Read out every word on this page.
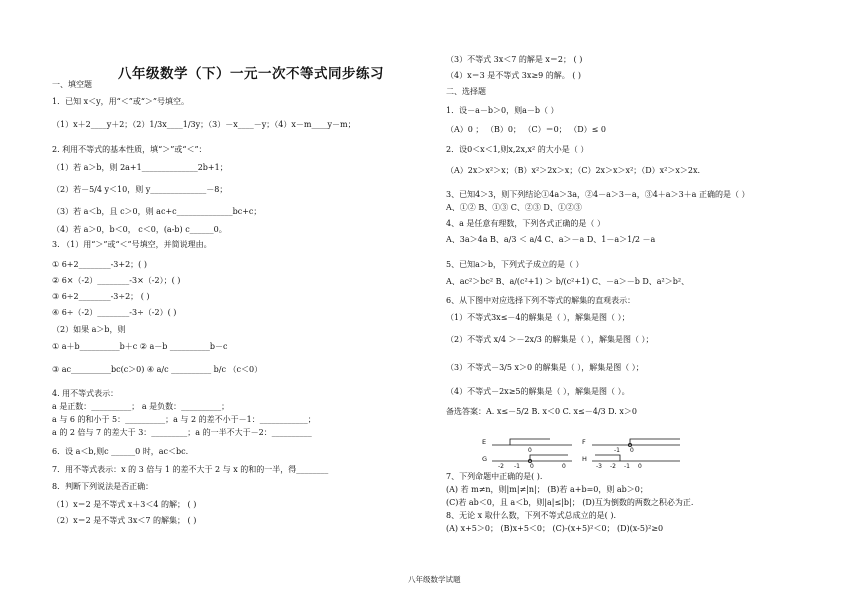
八年级数学（下）一元一次不等式同步练习
一、填空题
1．已知 x＜y，用“＜”或“＞”号填空。
（1）x＋2____y＋2；（2）1/3x____1/3y；（3）－x____－y；（4）x－m____y－m；
2. 利用不等式的基本性质，填“＞”或“＜”：
（1）若 a＞b，则 2a+1______________2b+1；
（2）若－5/4 y＜10，则 y______________－8；
（3）若 a＜b，且 c＞0，则 ac+c______________bc+c；
（4）若 a＞0，b＜0， c＜0，(a-b) c______0。
3. （1）用“＞”或“＜”号填空，并简说理由。
① 6+2________-3+2；( )
② 6×（-2）________-3×（-2）；( )
③ 6÷2________-3÷2； ( )
④ 6÷（-2）________-3÷（-2）( )
（2）如果 a＞b，则
① a＋b__________b＋c ② a－b __________b－c
③ ac__________bc(c＞0) ④ a/c __________ b/c （c＜0）
4. 用不等式表示：
a 是正数：__________； a 是负数：__________；
a 与 6 的和小于 5：__________；a 与 2 的差不小于－1：____________；
a 的 2 倍与 7 的差大于 3：_________；a 的一半不大于－2：__________
6．设 a＜b,则c ______0 时，ac＜bc.
7．用不等式表示：x 的 3 倍与 1 的差不大于 2 与 x 的和的一半，得________
8．判断下列说法是否正确：
（1）x＝2 是不等式 x＋3＜4 的解； ( )
（2）x＝2 是不等式 3x＜7 的解集； ( )
（3）不等式 3x＜7 的解是 x＝2； ( )
（4）x＝3 是不等式 3x≥9 的解。 ( )
二、选择题
1．设－a－b＞0，则a－b（ ）
（A）0 ； （B）0； （C）＝0； （D）≤ 0
2．设0＜x＜1,则x,2x,x² 的大小是（ ）
（A）2x＞x²＞x；（B）x²＞2x＞x；（C）2x＞x＞x²；（D）x²＞x＞2x.
3、已知4＞3，则下列结论①4a＞3a，②4－a＞3－a，③4＋a＞3＋a 正确的是（ ）
A、①② B、①③ C、②③ D、①②③
4、a 是任意有理数，下列各式正确的是（ ）
A、3a＞4a B、a/3 ＜ a/4 C、a＞－a D、1－a＞1/2 －a
5、已知a＞b，下列式子成立的是（ ）
A、ac²＞bc² B、a/(c²+1) ＞ b/(c²+1) C、－a＞－b D、a²＞b²、
6、从下图中对应选择下列不等式的解集的直观表示：
（1）不等式3x≤－4的解集是（ ），解集是图（ ）；
（2）不等式 x/4 ＞－2x/3 的解集是（ ），解集是图（ ）；
（3）不等式－3/5 x＞0 的解集是（ ），解集是图（ ）；
（4）不等式－2x≥5的解集是（ ），解集是图（ ）。
备选答案：A. x≤－5/2 B. x＜0 C. x≤－4/3 D. x＞0
7、下列命题中正确的是( ).
(A) 若 m≠n，则|m|≠|n|； (B)若 a+b=0，则 ab＞0；
(C)若 ab＜0，且 a＜b，则|a|≤|b|； (D)互为倒数的两数之积必为正.
8、无论 x 取什么数，下列不等式总成立的是( ).
(A) x+5＞0； (B)x+5＜0； (C)-(x+5)²＜0； (D)(x-5)²≥0
E
G
F
H
0
-2 -1 0	0
-1 0
-3 -2 -1 0
八年级数学试题
